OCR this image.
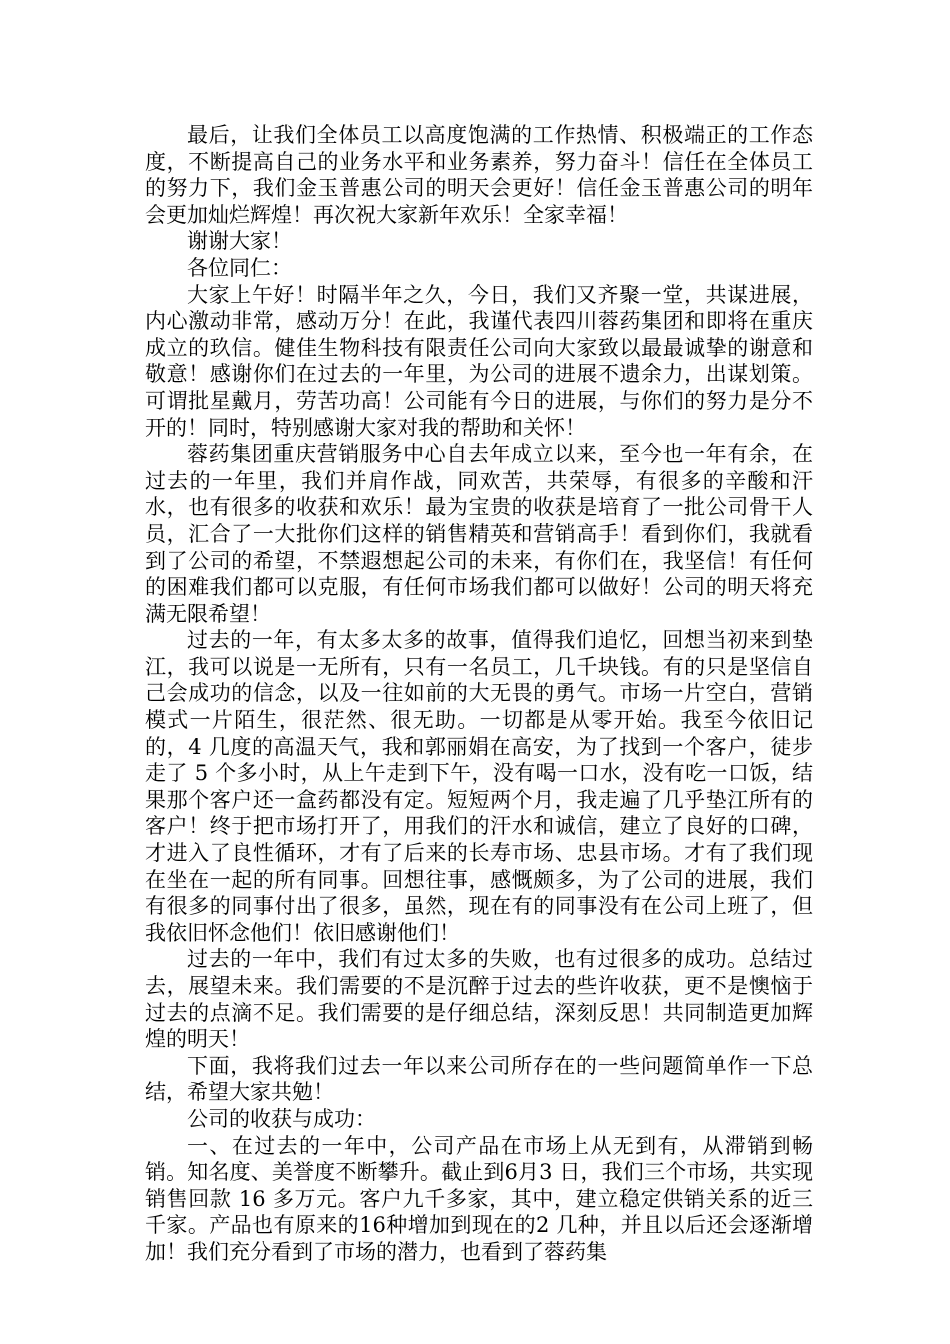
最后，让我们全体员工以高度饱满的工作热情、积极端正的工作态度，不断提高自己的业务水平和业务素养，努力奋斗！信任在全体员工的努力下，我们金玉普惠公司的明天会更好！信任金玉普惠公司的明年会更加灿烂辉煌！再次祝大家新年欢乐！全家幸福！

谢谢大家！

各位同仁：

大家上午好！时隔半年之久，今日，我们又齐聚一堂，共谋进展，内心激动非常，感动万分！在此，我谨代表四川蓉药集团和即将在重庆成立的玖信。健佳生物科技有限责任公司向大家致以最最诚挚的谢意和敬意！感谢你们在过去的一年里，为公司的进展不遗余力，出谋划策。可谓批星戴月，劳苦功高！公司能有今日的进展，与你们的努力是分不开的！同时，特别感谢大家对我的帮助和关怀！

蓉药集团重庆营销服务中心自去年成立以来，至今也一年有余，在过去的一年里，我们并肩作战，同欢苦，共荣辱，有很多的辛酸和汗水，也有很多的收获和欢乐！最为宝贵的收获是培育了一批公司骨干人员，汇合了一大批你们这样的销售精英和营销高手！看到你们，我就看到了公司的希望，不禁遐想起公司的未来，有你们在，我坚信！有任何的困难我们都可以克服，有任何市场我们都可以做好！公司的明天将充满无限希望！

过去的一年，有太多太多的故事，值得我们追忆，回想当初来到垫江，我可以说是一无所有，只有一名员工，几千块钱。有的只是坚信自己会成功的信念，以及一往如前的大无畏的勇气。市场一片空白，营销模式一片陌生，很茫然、很无助。一切都是从零开始。我至今依旧记的，4 几度的高温天气，我和郭丽娟在高安，为了找到一个客户，徒步走了 5 个多小时，从上午走到下午，没有喝一口水，没有吃一口饭，结果那个客户还一盒药都没有定。短短两个月，我走遍了几乎垫江所有的客户！终于把市场打开了，用我们的汗水和诚信，建立了良好的口碑，才进入了良性循环，才有了后来的长寿市场、忠县市场。才有了我们现在坐在一起的所有同事。回想往事，感慨颇多，为了公司的进展，我们有很多的同事付出了很多，虽然，现在有的同事没有在公司上班了，但我依旧怀念他们！依旧感谢他们！

过去的一年中，我们有过太多的失败，也有过很多的成功。总结过去，展望未来。我们需要的不是沉醉于过去的些许收获，更不是懊恼于过去的点滴不足。我们需要的是仔细总结，深刻反思！共同制造更加辉煌的明天！

下面，我将我们过去一年以来公司所存在的一些问题简单作一下总结，希望大家共勉！

公司的收获与成功：

一、在过去的一年中，公司产品在市场上从无到有，从滞销到畅销。知名度、美誉度不断攀升。截止到6月3 日，我们三个市场，共实现销售回款 16 多万元。客户九千多家，其中，建立稳定供销关系的近三千家。产品也有原来的16种增加到现在的2 几种，并且以后还会逐渐增加！我们充分看到了市场的潜力，也看到了蓉药集
